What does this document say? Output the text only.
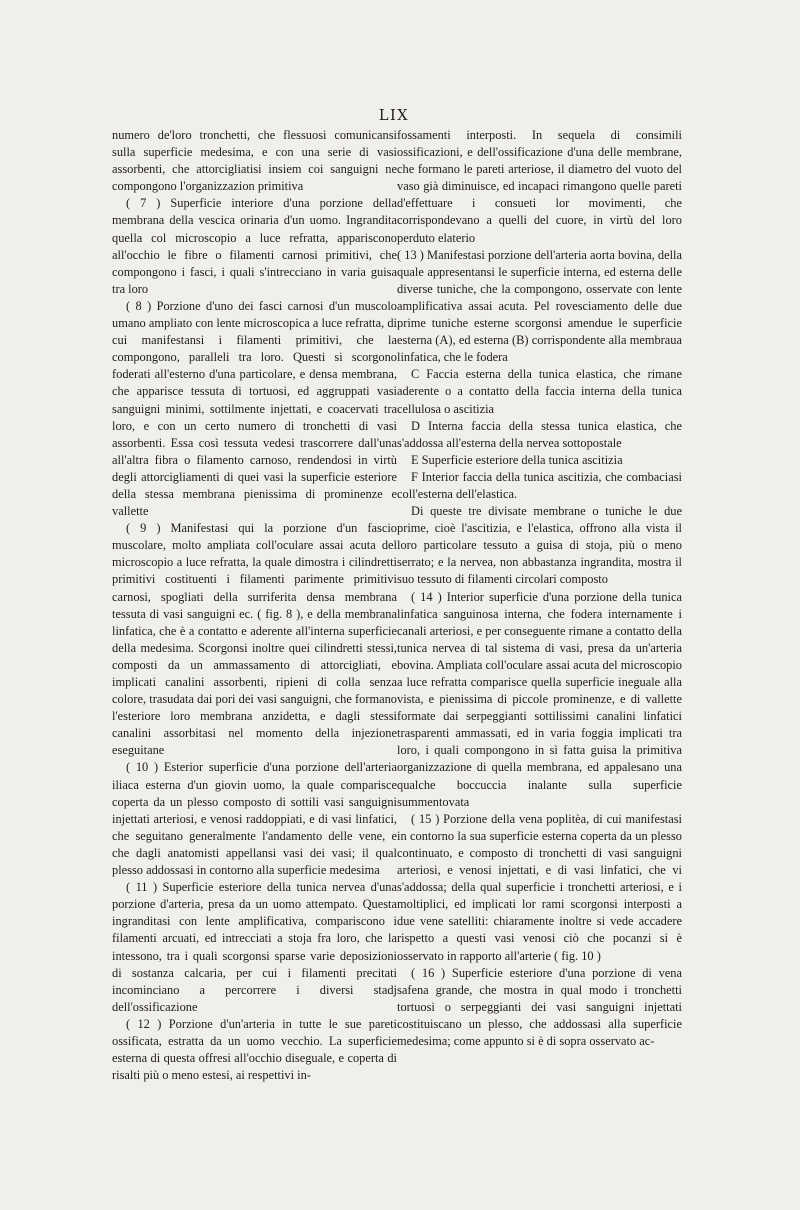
LIX

numero de'loro tronchetti, che flessuosi comunicansi sulla superficie medesima, e con una serie di vasi assorbenti, che attorcigliatisi insiem coi sanguigni ne compongono l'organizzazion primitiva

( 7 ) Superficie interiore d'una porzione della membrana della vescica orinaria d'un uomo. Ingrandita quella col microscopio a luce refratta, appariscono all'occhio le fibre o filamenti carnosi primitivi, che compongono i fasci, i quali s'intrecciano in varia guisa tra loro

( 8 ) Porzione d'uno dei fasci carnosi d'un muscolo umano ampliato con lente microscopica a luce refratta, di cui manifestansi i filamenti primitivi, che la compongono, paralleli tra loro. Questi si scorgono foderati all'esterno d'una particolare, e densa membrana, che apparisce tessuta di tortuosi, ed aggruppati vasi sanguigni minimi, sottilmente injettati, e coacervati tra loro, e con un certo numero di tronchetti di vasi assorbenti. Essa così tessuta vedesi trascorrere dall'una all'altra fibra o filamento carnoso, rendendosi in virtù degli attorcigliamenti di quei vasi la superficie esteriore della stessa membrana pienissima di prominenze e vallette

( 9 ) Manifestasi qui la porzione d'un fascio muscolare, molto ampliata coll'oculare assai acuta del microscopio a luce refratta, la quale dimostra i cilindretti primitivi costituenti i filamenti parimente primitivi carnosi, spogliati della surriferita densa membrana tessuta di vasi sanguigni ec. ( fig. 8 ), e della membrana linfatica, che è a contatto e aderente all'interna superficie della medesima. Scorgonsi inoltre quei cilindretti stessi, composti da un ammassamento di attorcigliati, e implicati canalini assorbenti, ripieni di colla senza colore, trasudata dai pori dei vasi sanguigni, che formano l'esteriore loro membrana anzidetta, e dagli stessi canalini assorbitasi nel momento della injezione eseguitane

( 10 ) Esterior superficie d'una porzione dell'arteria iliaca esterna d'un giovin uomo, la quale comparisce coperta da un plesso composto di sottili vasi sanguigni injettati arteriosi, e venosi raddoppiati, e di vasi linfatici, che seguitano generalmente l'andamento delle vene, e che dagli anatomisti appellansi vasi dei vasi; il qual plesso addossasi in contorno alla superficie medesima

( 11 ) Superficie esteriore della tunica nervea d'una porzione d'arteria, presa da un uomo attempato. Questa ingranditasi con lente amplificativa, compariscono i filamenti arcuati, ed intrecciati a stoja fra loro, che la intessono, tra i quali scorgonsi sparse varie deposizioni di sostanza calcaria, per cui i filamenti precitati incominciano a percorrere i diversi stadj dell'ossificazione

( 12 ) Porzione d'un'arteria in tutte le sue pareti ossificata, estratta da un uomo vecchio. La superficie esterna di questa offresi all'occhio diseguale, e coperta di risalti più o meno estesi, ai respettivi in-

fossamenti interposti. In sequela di consimili ossificazioni, e dell'ossificazione d'una delle membrane, che formano le pareti arteriose, il diametro del vuoto del vaso già diminuisce, ed incapaci rimangono quelle pareti d'effettuare i consueti lor movimenti, che corrispondevano a quelli del cuore, in virtù del loro perduto elaterio

( 13 ) Manifestasi porzione dell'arteria aorta bovina, della quale appresentansi le superficie interna, ed esterna delle diverse tuniche, che la compongono, osservate con lente amplificativa assai acuta. Pel rovesciamento delle due prime tuniche esterne scorgonsi amendue le superficie esterna (A), ed esterna (B) corrispondente alla membraua linfatica, che le fodera

C Faccia esterna della tunica elastica, che rimane aderente o a contatto della faccia interna della tunica cellulosa o ascitizia

D Interna faccia della stessa tunica elastica, che s'addossa all'esterna della nervea sottopostale

E Superficie esteriore della tunica ascitizia

F Interior faccia della tunica ascitizia, che combaciasi coll'esterna dell'elastica.

Di queste tre divisate membrane o tuniche le due prime, cioè l'ascitizia, e l'elastica, offrono alla vista il loro particolare tessuto a guisa di stoja, più o meno serrato; e la nervea, non abbastanza ingrandita, mostra il suo tessuto di filamenti circolari composto

( 14 ) Interior superficie d'una porzione della tunica linfatica sanguinosa interna, che fodera internamente i canali arteriosi, e per conseguente rimane a contatto della tunica nervea di tal sistema di vasi, presa da un'arteria bovina. Ampliata coll'oculare assai acuta del microscopio a luce refratta comparisce quella superficie ineguale alla vista, e pienissima di piccole prominenze, e di vallette formate dai serpeggianti sottilissimi canalini linfatici trasparenti ammassati, ed in varia foggia implicati tra loro, i quali compongono in sì fatta guisa la primitiva organizzazione di quella membrana, ed appalesano una qualche boccuccia inalante sulla superficie summentovata

( 15 ) Porzione della vena poplitèa, di cui manifestasi in contorno la sua superficie esterna coperta da un plesso continuato, e composto di tronchetti di vasi sanguigni arteriosi, e venosi injettati, e di vasi linfatici, che vi s'addossa; della qual superficie i tronchetti arteriosi, e i moltiplici, ed implicati lor rami scorgonsi interposti a due vene satelliti: chiaramente inoltre si vede accadere rispetto a questi vasi venosi ciò che pocanzi si è osservato in rapporto all'arterie ( fig. 10 )

( 16 ) Superficie esteriore d'una porzione di vena safena grande, che mostra in qual modo i tronchetti tortuosi o serpeggianti dei vasi sanguigni injettati costituiscano un plesso, che addossasi alla superficie medesima; come appunto si è di sopra osservato ac-
